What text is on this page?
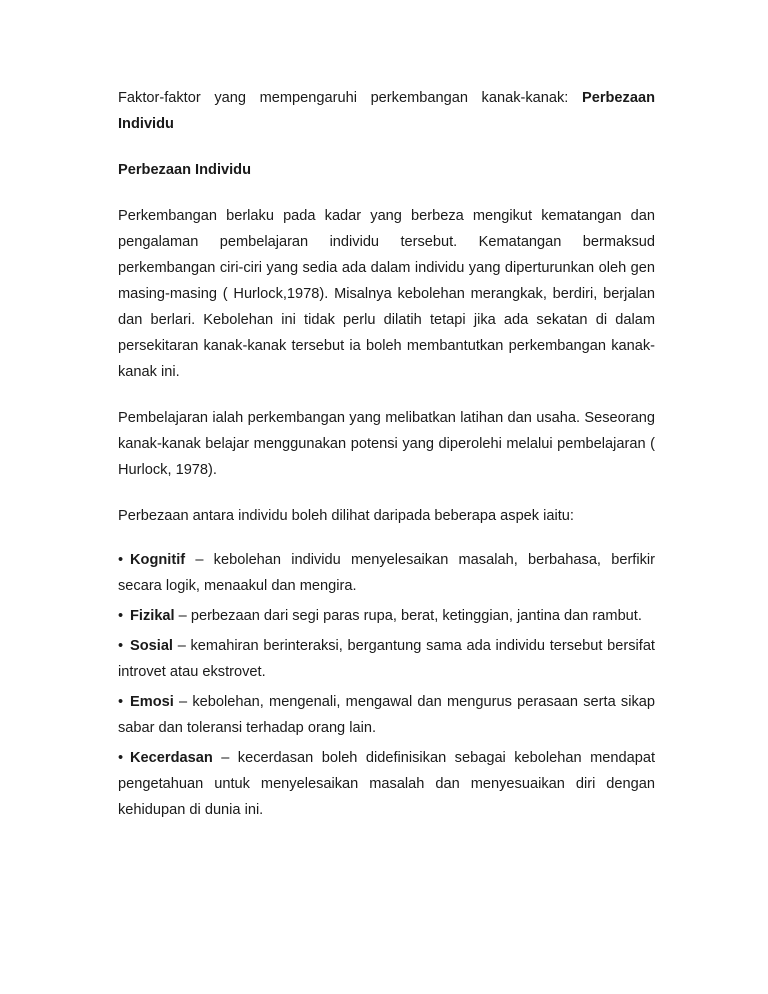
Faktor-faktor yang mempengaruhi perkembangan kanak-kanak: Perbezaan Individu

Perbezaan Individu

Perkembangan berlaku pada kadar yang berbeza mengikut kematangan dan pengalaman pembelajaran individu tersebut. Kematangan bermaksud perkembangan ciri-ciri yang sedia ada dalam individu yang diperturunkan oleh gen masing-masing ( Hurlock,1978). Misalnya kebolehan merangkak, berdiri, berjalan dan berlari. Kebolehan ini tidak perlu dilatih tetapi jika ada sekatan di dalam persekitaran kanak-kanak tersebut ia boleh membantutkan perkembangan kanak-kanak ini.

Pembelajaran ialah perkembangan yang melibatkan latihan dan usaha. Seseorang kanak-kanak belajar menggunakan potensi yang diperolehi melalui pembelajaran ( Hurlock, 1978).

Perbezaan antara individu boleh dilihat daripada beberapa aspek iaitu:

• Kognitif – kebolehan individu menyelesaikan masalah, berbahasa, berfikir secara logik, menaakul dan mengira.
• Fizikal – perbezaan dari segi paras rupa, berat, ketinggian, jantina dan rambut.
• Sosial – kemahiran berinteraksi, bergantung sama ada individu tersebut bersifat introvet atau ekstrovet.
• Emosi – kebolehan, mengenali, mengawal dan mengurus perasaan serta sikap sabar dan toleransi terhadap orang lain.
• Kecerdasan – kecerdasan boleh didefinisikan sebagai kebolehan mendapat pengetahuan untuk menyelesaikan masalah dan menyesuaikan diri dengan kehidupan di dunia ini.
